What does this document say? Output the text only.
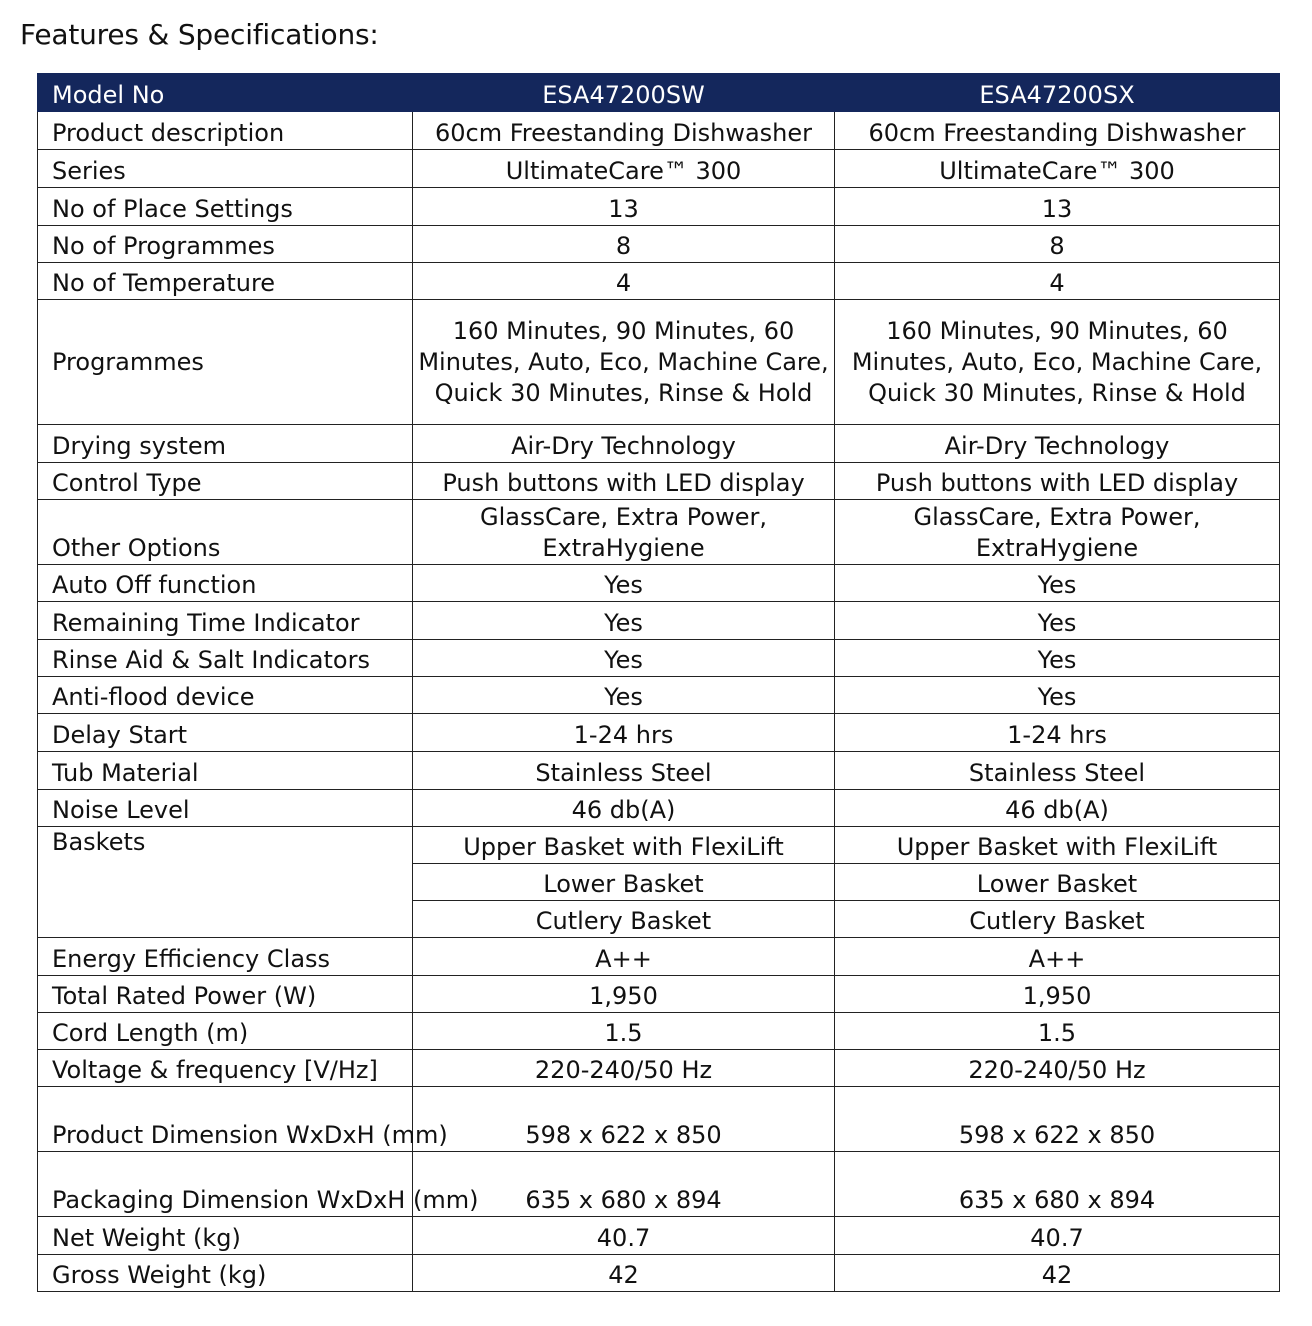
Features & Specifications:
Model No	ESA47200SW	ESA47200SX
Product description	60cm Freestanding Dishwasher	60cm Freestanding Dishwasher
Series	UltimateCare™ 300	UltimateCare™ 300
No of Place Settings	13	13
No of Programmes	8	8
No of Temperature	4	4
Programmes	160 Minutes, 90 Minutes, 60 Minutes, Auto, Eco, Machine Care, Quick 30 Minutes, Rinse & Hold	160 Minutes, 90 Minutes, 60 Minutes, Auto, Eco, Machine Care, Quick 30 Minutes, Rinse & Hold
Drying system	Air-Dry Technology	Air-Dry Technology
Control Type	Push buttons with LED display	Push buttons with LED display
Other Options	GlassCare, Extra Power, ExtraHygiene	GlassCare, Extra Power, ExtraHygiene
Auto Off function	Yes	Yes
Remaining Time Indicator	Yes	Yes
Rinse Aid & Salt Indicators	Yes	Yes
Anti-flood device	Yes	Yes
Delay Start	1-24 hrs	1-24 hrs
Tub Material	Stainless Steel	Stainless Steel
Noise Level	46 db(A)	46 db(A)
Baskets	Upper Basket with FlexiLift	Upper Basket with FlexiLift
	Lower Basket	Lower Basket
	Cutlery Basket	Cutlery Basket
Energy Efficiency Class	A++	A++
Total Rated Power (W)	1,950	1,950
Cord Length (m)	1.5	1.5
Voltage & frequency [V/Hz]	220-240/50 Hz	220-240/50 Hz
Product Dimension WxDxH (mm)	598 x 622 x 850	598 x 622 x 850
Packaging Dimension WxDxH (mm)	635 x 680 x 894	635 x 680 x 894
Net Weight (kg)	40.7	40.7
Gross Weight (kg)	42	42
